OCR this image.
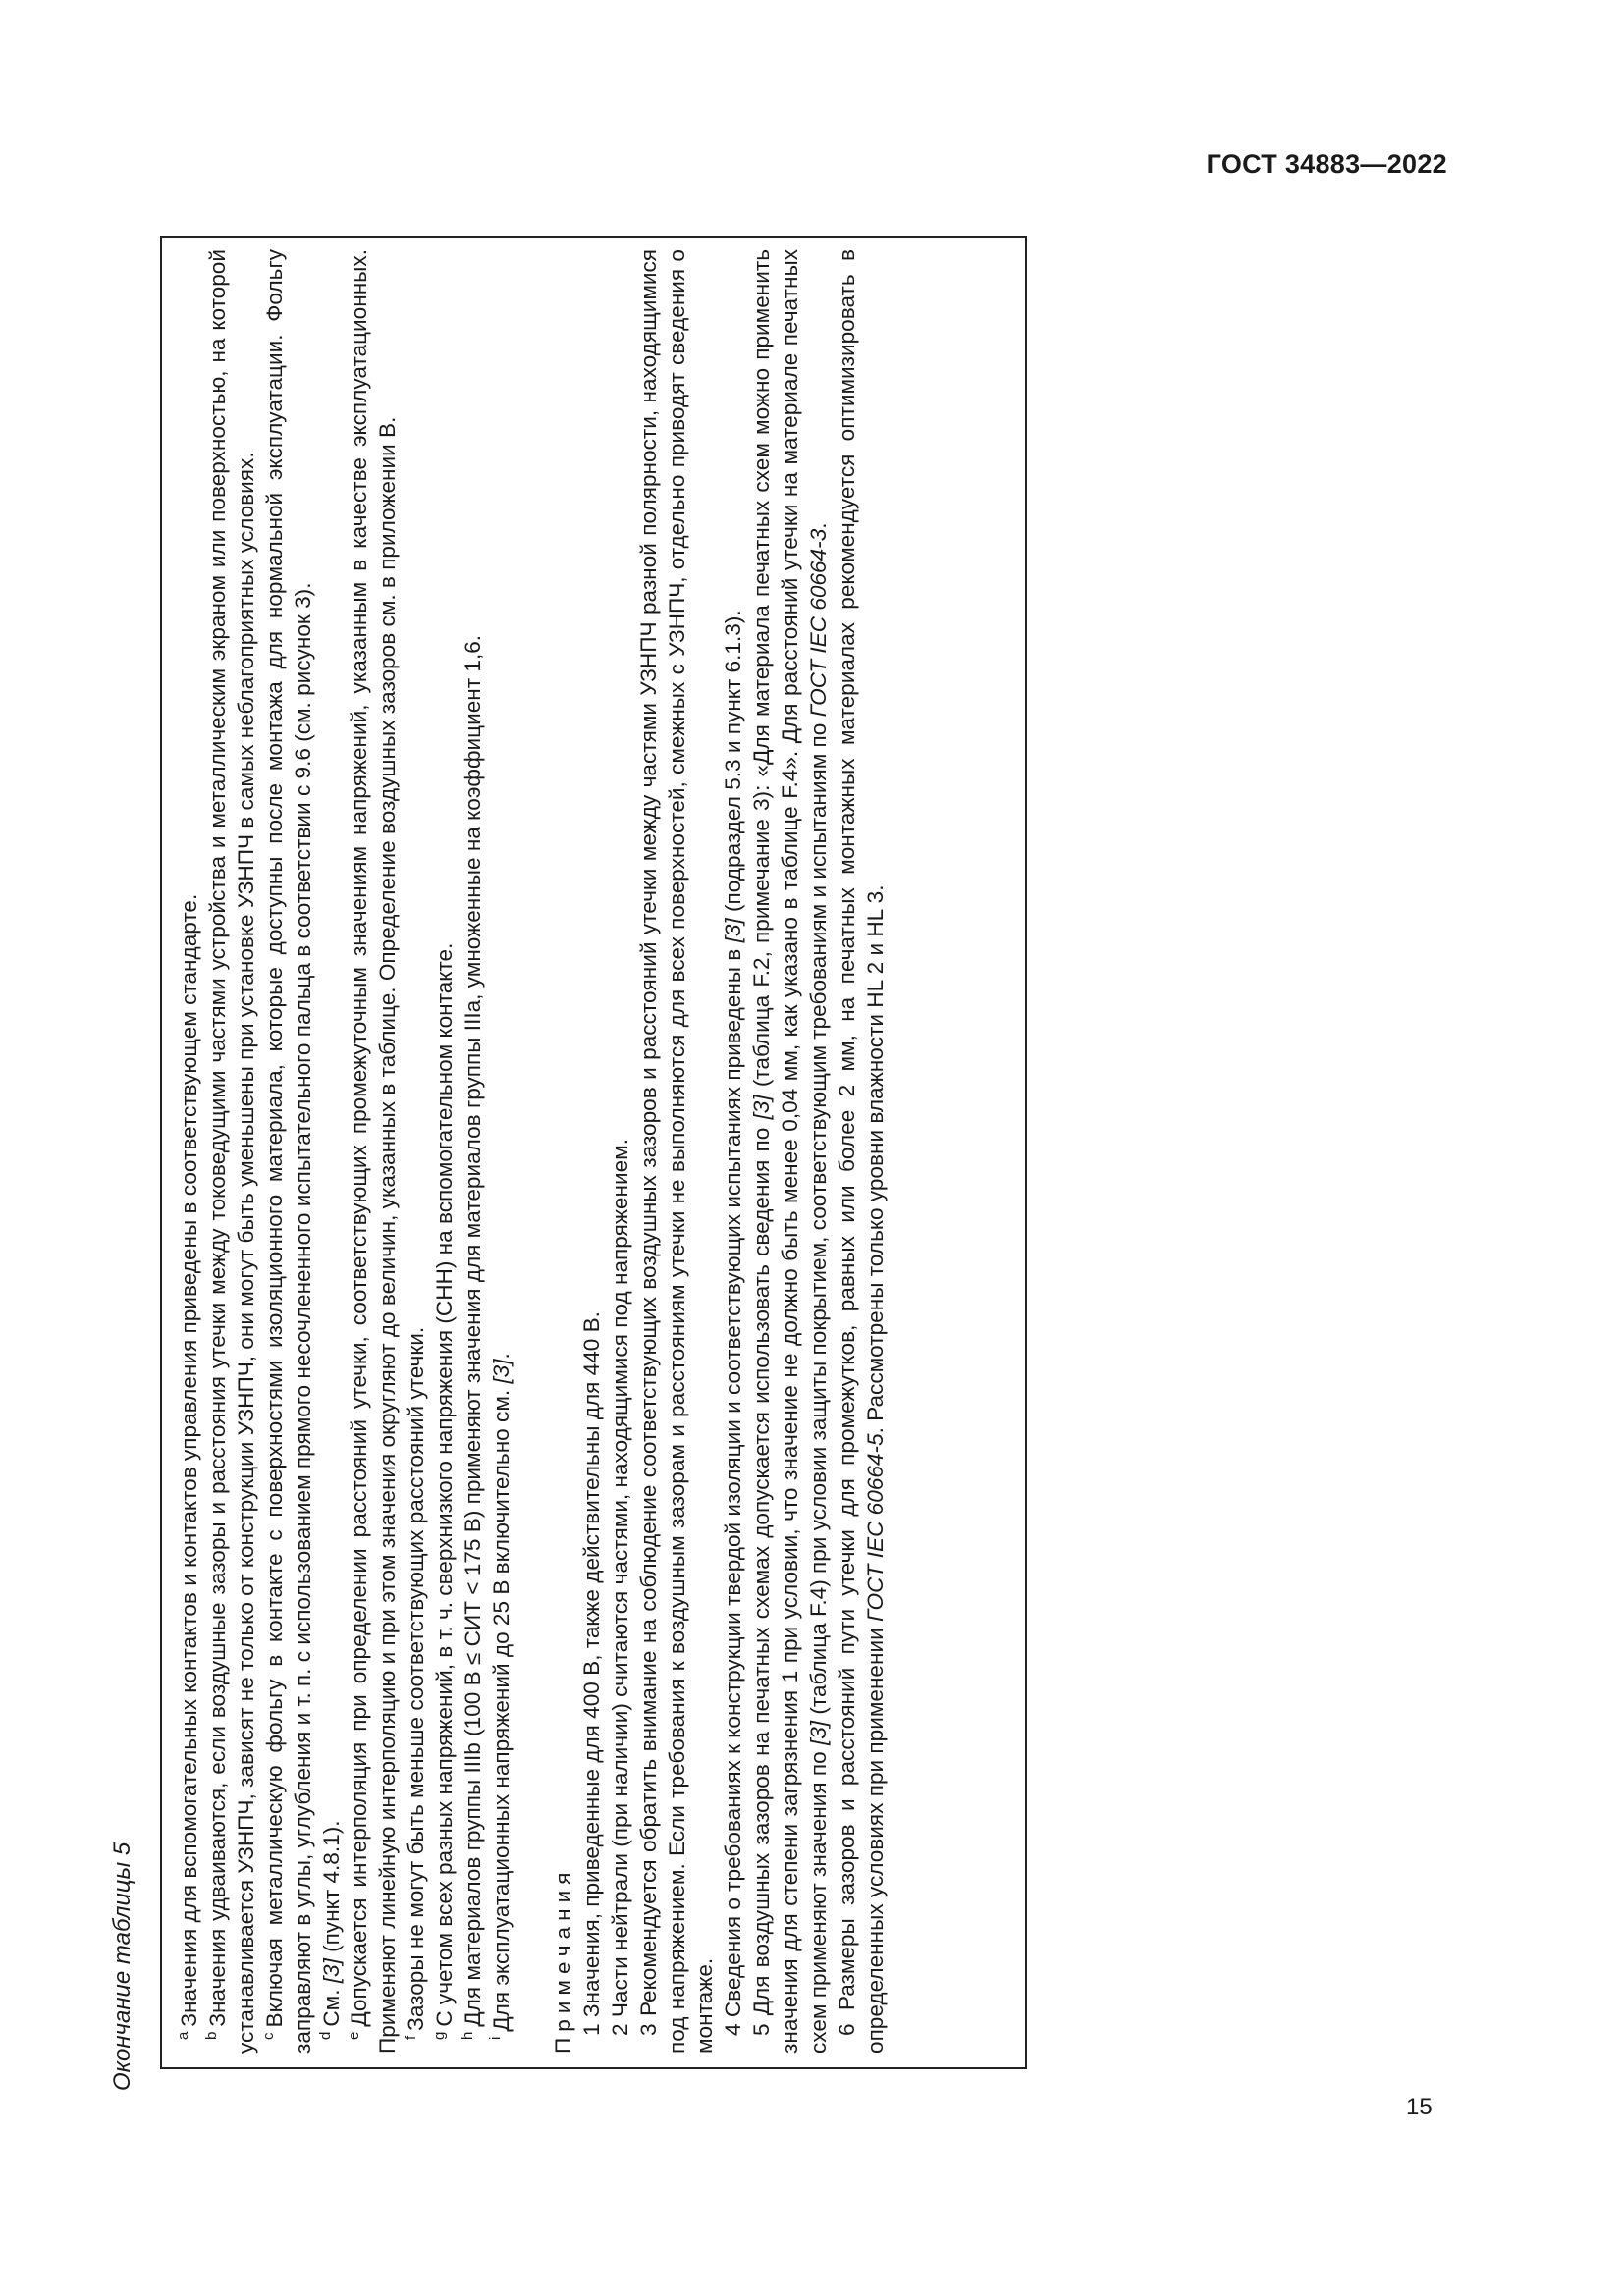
ГОСТ 34883—2022
15
Окончание таблицы 5	$^a$Значения для вспомогательных контактов и контактов управления приведены в соответствующем стандарте.

$^b$Значения удваиваются, если воздушные зазоры и расстояния утечки между токоведущими частями устройства и металлическим экраном или поверхностью, на которой устанавливается УЗНПЧ, зависят не только от конструкции УЗНПЧ, они могут быть уменьшены при установке УЗНПЧ в самых неблагоприятных условиях. $^c$Включая металлическую фольгу в контакте с поверхностями изоляционного материала, которые доступны после монтажа для нормальной эксплуатации. Фольгу заправляют в углы, углубления и т. п. с использованием прямого несочлененного испытательного пальца в соответствии с 9.6 (см. рисунок 3). $^d$См. [3] (пункт 4.8.1).

$^e$Допускается интерполяция при определении расстояний утечки, соответствующих промежуточным значениям напряжений, указанным в качестве эксплуатационных. Применяют линейную интерполяцию и при этом значения округляют до величин, указанных в таблице. Определение воздушных зазоров см. в приложении В. $^f$Зазоры не могут быть меньше соответствующих расстояний утечки.

$^g$С учетом всех разных напряжений, в т. ч. сверхнизкого напряжения (СНН) на вспомогательном контакте.

$^h$Для материалов группы IIIb (100 В ≤ СИТ < 175 В) применяют значения для материалов группы IIIa, умноженные на коэффициент 1,6.

$^i$Для эксплуатационных напряжений до 25 В включительно см. [3].

Примечания 1 Значения, приведенные для 400 В, также действительны для 440 В. 2 Части нейтрали (при наличии) считаются частями, находящимися под напряжением. 3 Рекомендуется обратить внимание на соблюдение соответствующих воздушных зазоров и расстояний утечки между частями УЗНПЧ разной полярности, находящимися под напряжением. Если требования к воздушным зазорам и расстояниям утечки не выполняются для всех поверхностей, смежных с УЗНПЧ, отдельно приводят сведения о монтаже. 4 Сведения о требованиях к конструкции твердой изоляции и соответствующих испытаниях приведены в [3] (подраздел 5.3 и пункт 6.1.3).

5 Для воздушных зазоров на печатных схемах допускается использовать сведения по [3] (таблица F.2, примечание 3): «Для материала печатных схем можно применить значения для степени загрязнения 1 при условии, что значение не должно быть менее 0,04 мм, как указано в таблице F.4». Для расстояний утечки на материале печатных схем применяют значения по [3] (таблица F.4) при условии защиты покрытием, соответствующим требованиям и испытаниям по ГОСТ IEC 60664-3. 6 Размеры зазоров и расстояний пути утечки для промежутков, равных или более 2 мм, на печатных монтажных материалах рекомендуется оптимизировать в определенных условиях при применении ГОСТ IEC 60664-5. Рассмотрены только уровни влажности HL 2 и HL 3.
